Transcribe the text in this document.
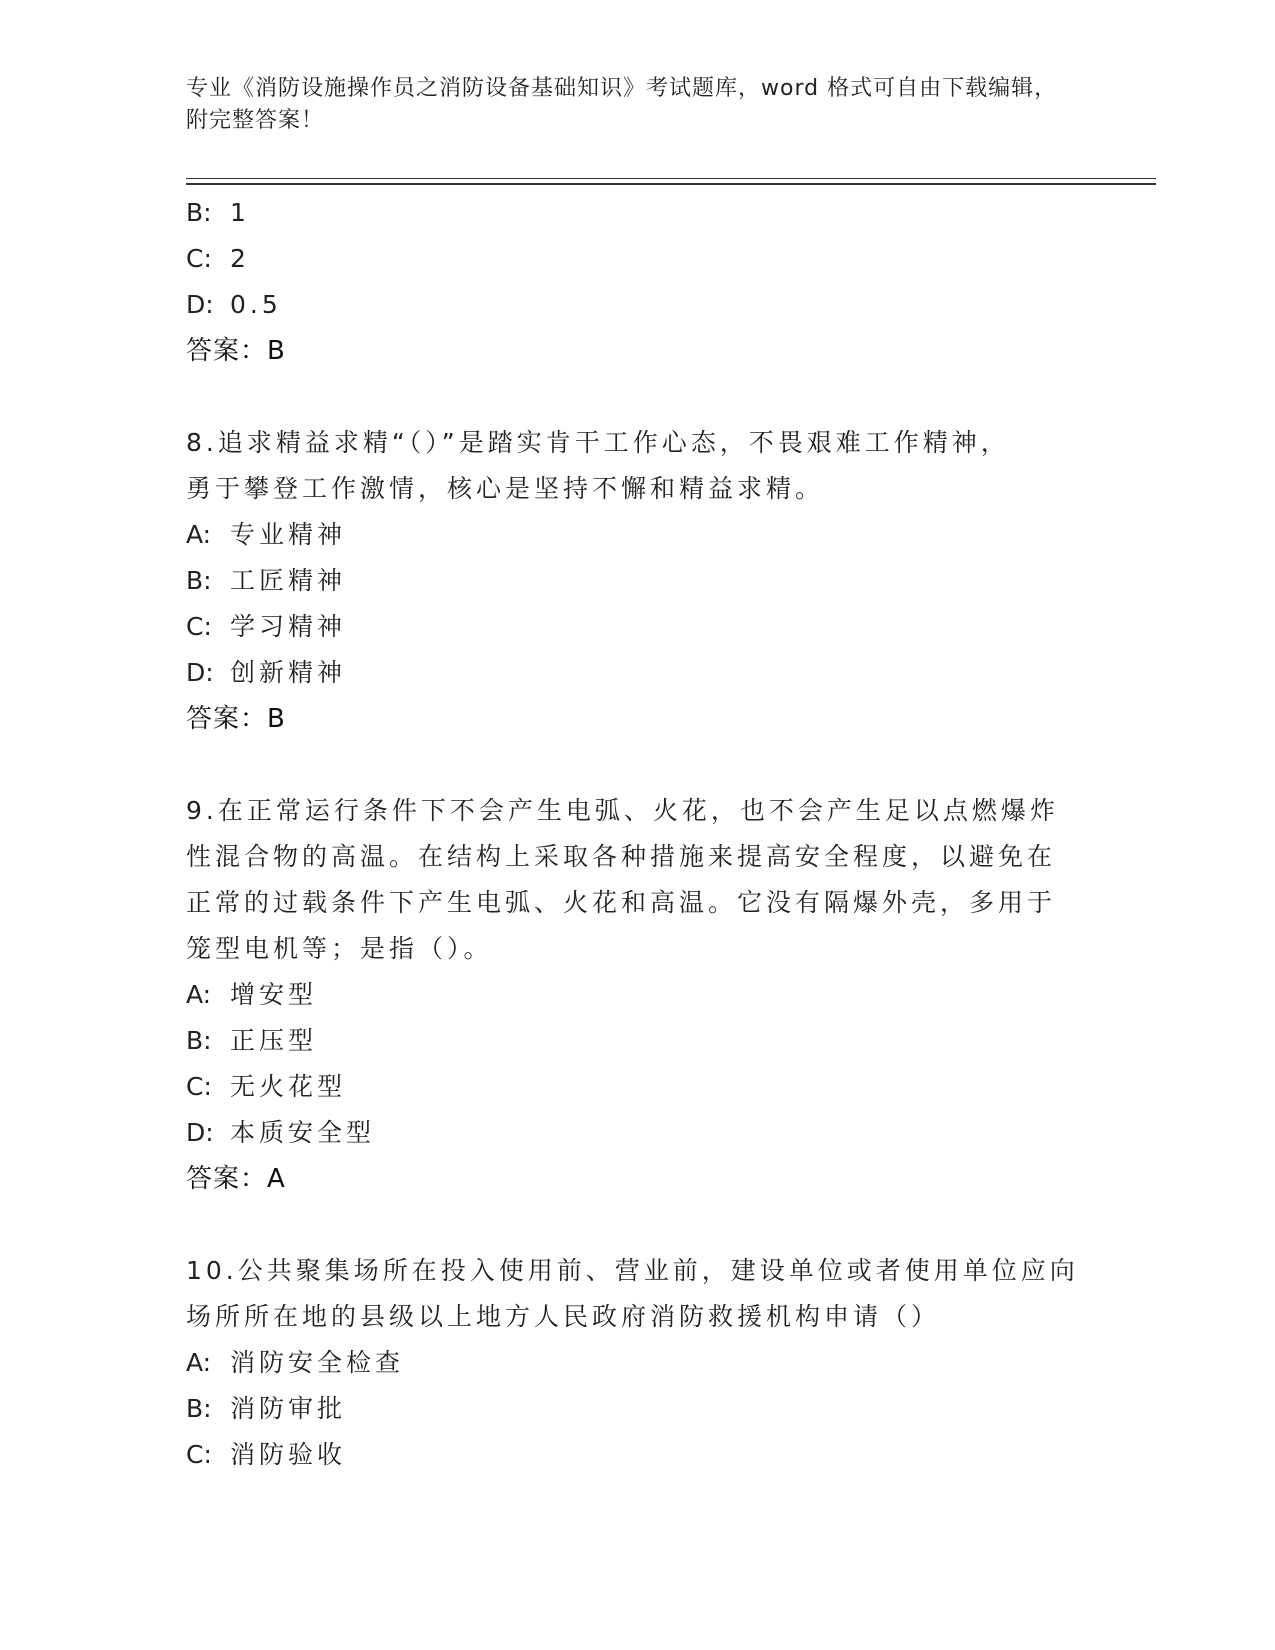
专业《消防设施操作员之消防设备基础知识》考试题库，word 格式可自由下载编辑，附完整答案！
B: 1
C: 2
D: 0.5
答案：B
8.追求精益求精“（）”是踏实肯干工作心态，不畏艰难工作精神，
勇于攀登工作激情，核心是坚持不懈和精益求精。
A: 专业精神
B: 工匠精神
C: 学习精神
D: 创新精神
答案：B
9.在正常运行条件下不会产生电弧、火花，也不会产生足以点燃爆炸
性混合物的高温。在结构上采取各种措施来提高安全程度，以避免在
正常的过载条件下产生电弧、火花和高温。它没有隔爆外壳，多用于
笼型电机等；是指（）。
A: 增安型
B: 正压型
C: 无火花型
D: 本质安全型
答案：A
10.公共聚集场所在投入使用前、营业前，建设单位或者使用单位应向
场所所在地的县级以上地方人民政府消防救援机构申请（）
A: 消防安全检查
B: 消防审批
C: 消防验收
